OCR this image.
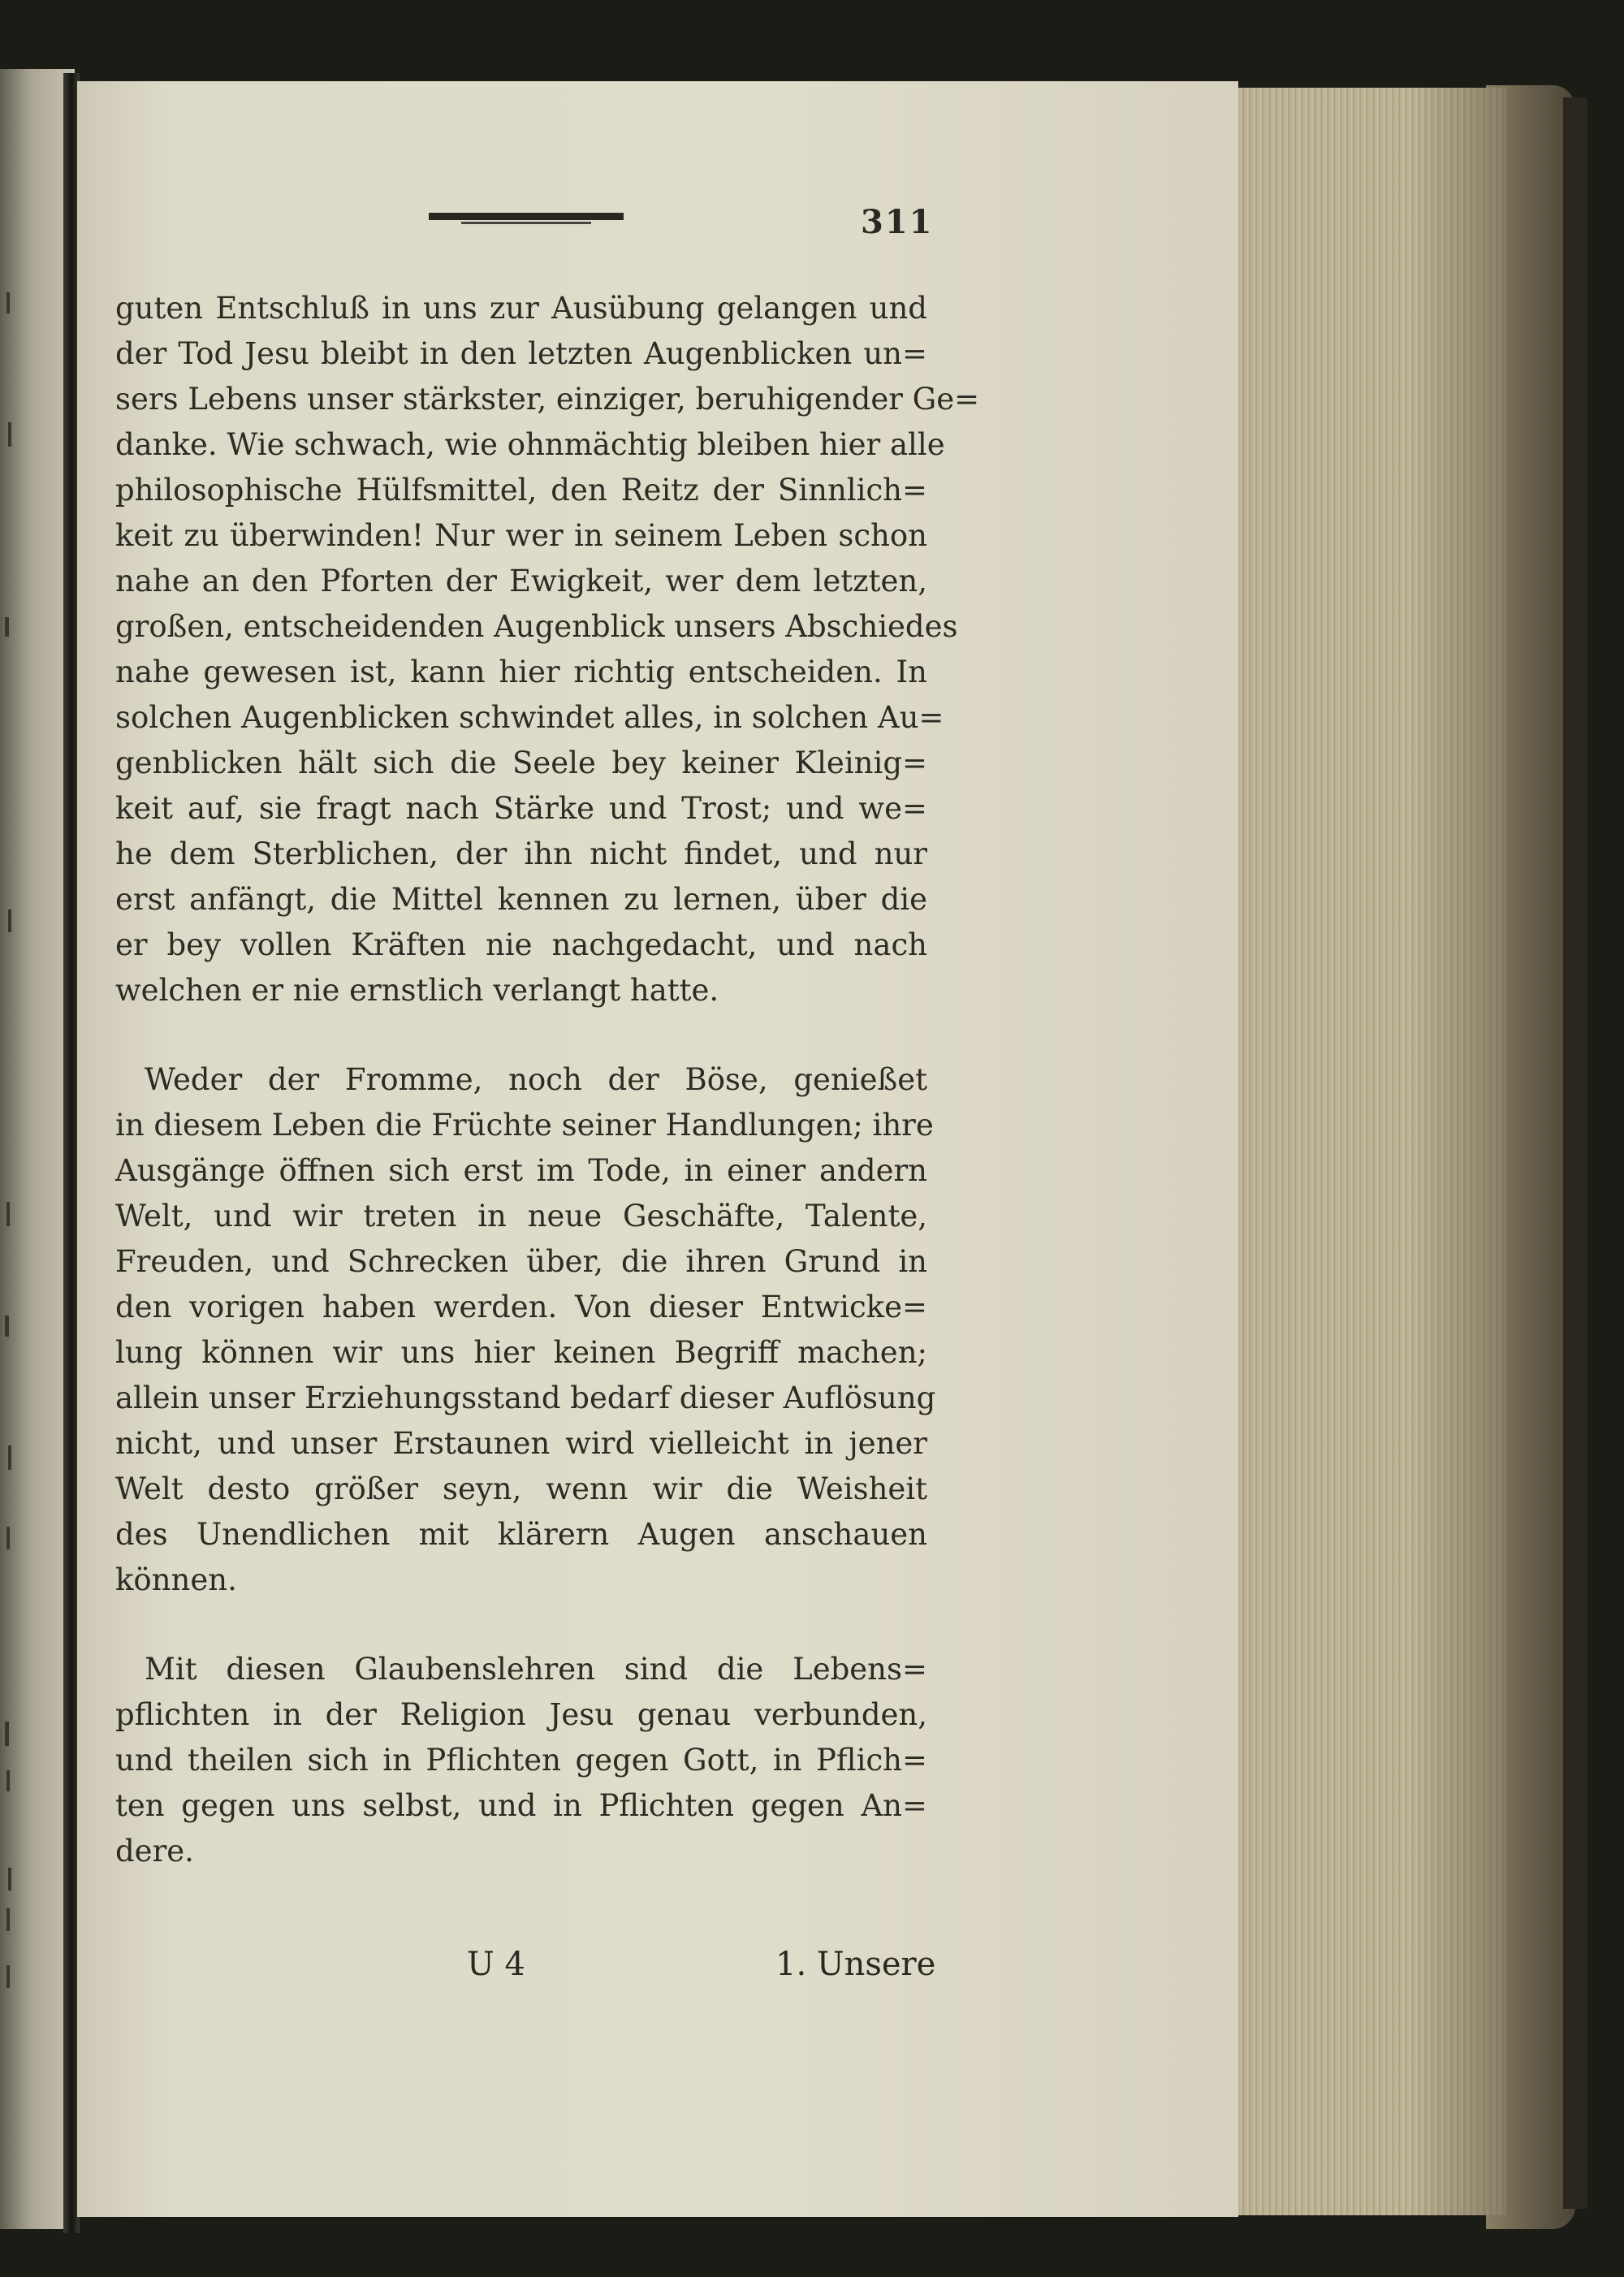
311
guten Entschluß in uns zur Ausübung gelangen und
der Tod Jesu bleibt in den letzten Augenblicken un=
sers Lebens unser stärkster, einziger, beruhigender Ge=
danke. Wie schwach, wie ohnmächtig bleiben hier alle
philosophische Hülfsmittel, den Reitz der Sinnlich=
keit zu überwinden! Nur wer in seinem Leben schon
nahe an den Pforten der Ewigkeit, wer dem letzten,
großen, entscheidenden Augenblick unsers Abschiedes
nahe gewesen ist, kann hier richtig entscheiden. In
solchen Augenblicken schwindet alles, in solchen Au=
genblicken hält sich die Seele bey keiner Kleinig=
keit auf, sie fragt nach Stärke und Trost; und we=
he dem Sterblichen, der ihn nicht findet, und nur
erst anfängt, die Mittel kennen zu lernen, über die
er bey vollen Kräften nie nachgedacht, und nach
welchen er nie ernstlich verlangt hatte.
Weder der Fromme, noch der Böse, genießet
in diesem Leben die Früchte seiner Handlungen; ihre
Ausgänge öffnen sich erst im Tode, in einer andern
Welt, und wir treten in neue Geschäfte, Talente,
Freuden, und Schrecken über, die ihren Grund in
den vorigen haben werden. Von dieser Entwicke=
lung können wir uns hier keinen Begriff machen;
allein unser Erziehungsstand bedarf dieser Auflösung
nicht, und unser Erstaunen wird vielleicht in jener
Welt desto größer seyn, wenn wir die Weisheit
des Unendlichen mit klärern Augen anschauen
können.
Mit diesen Glaubenslehren sind die Lebens=
pflichten in der Religion Jesu genau verbunden,
und theilen sich in Pflichten gegen Gott, in Pflich=
ten gegen uns selbst, und in Pflichten gegen An=
dere.
U 4	1. Unsere
